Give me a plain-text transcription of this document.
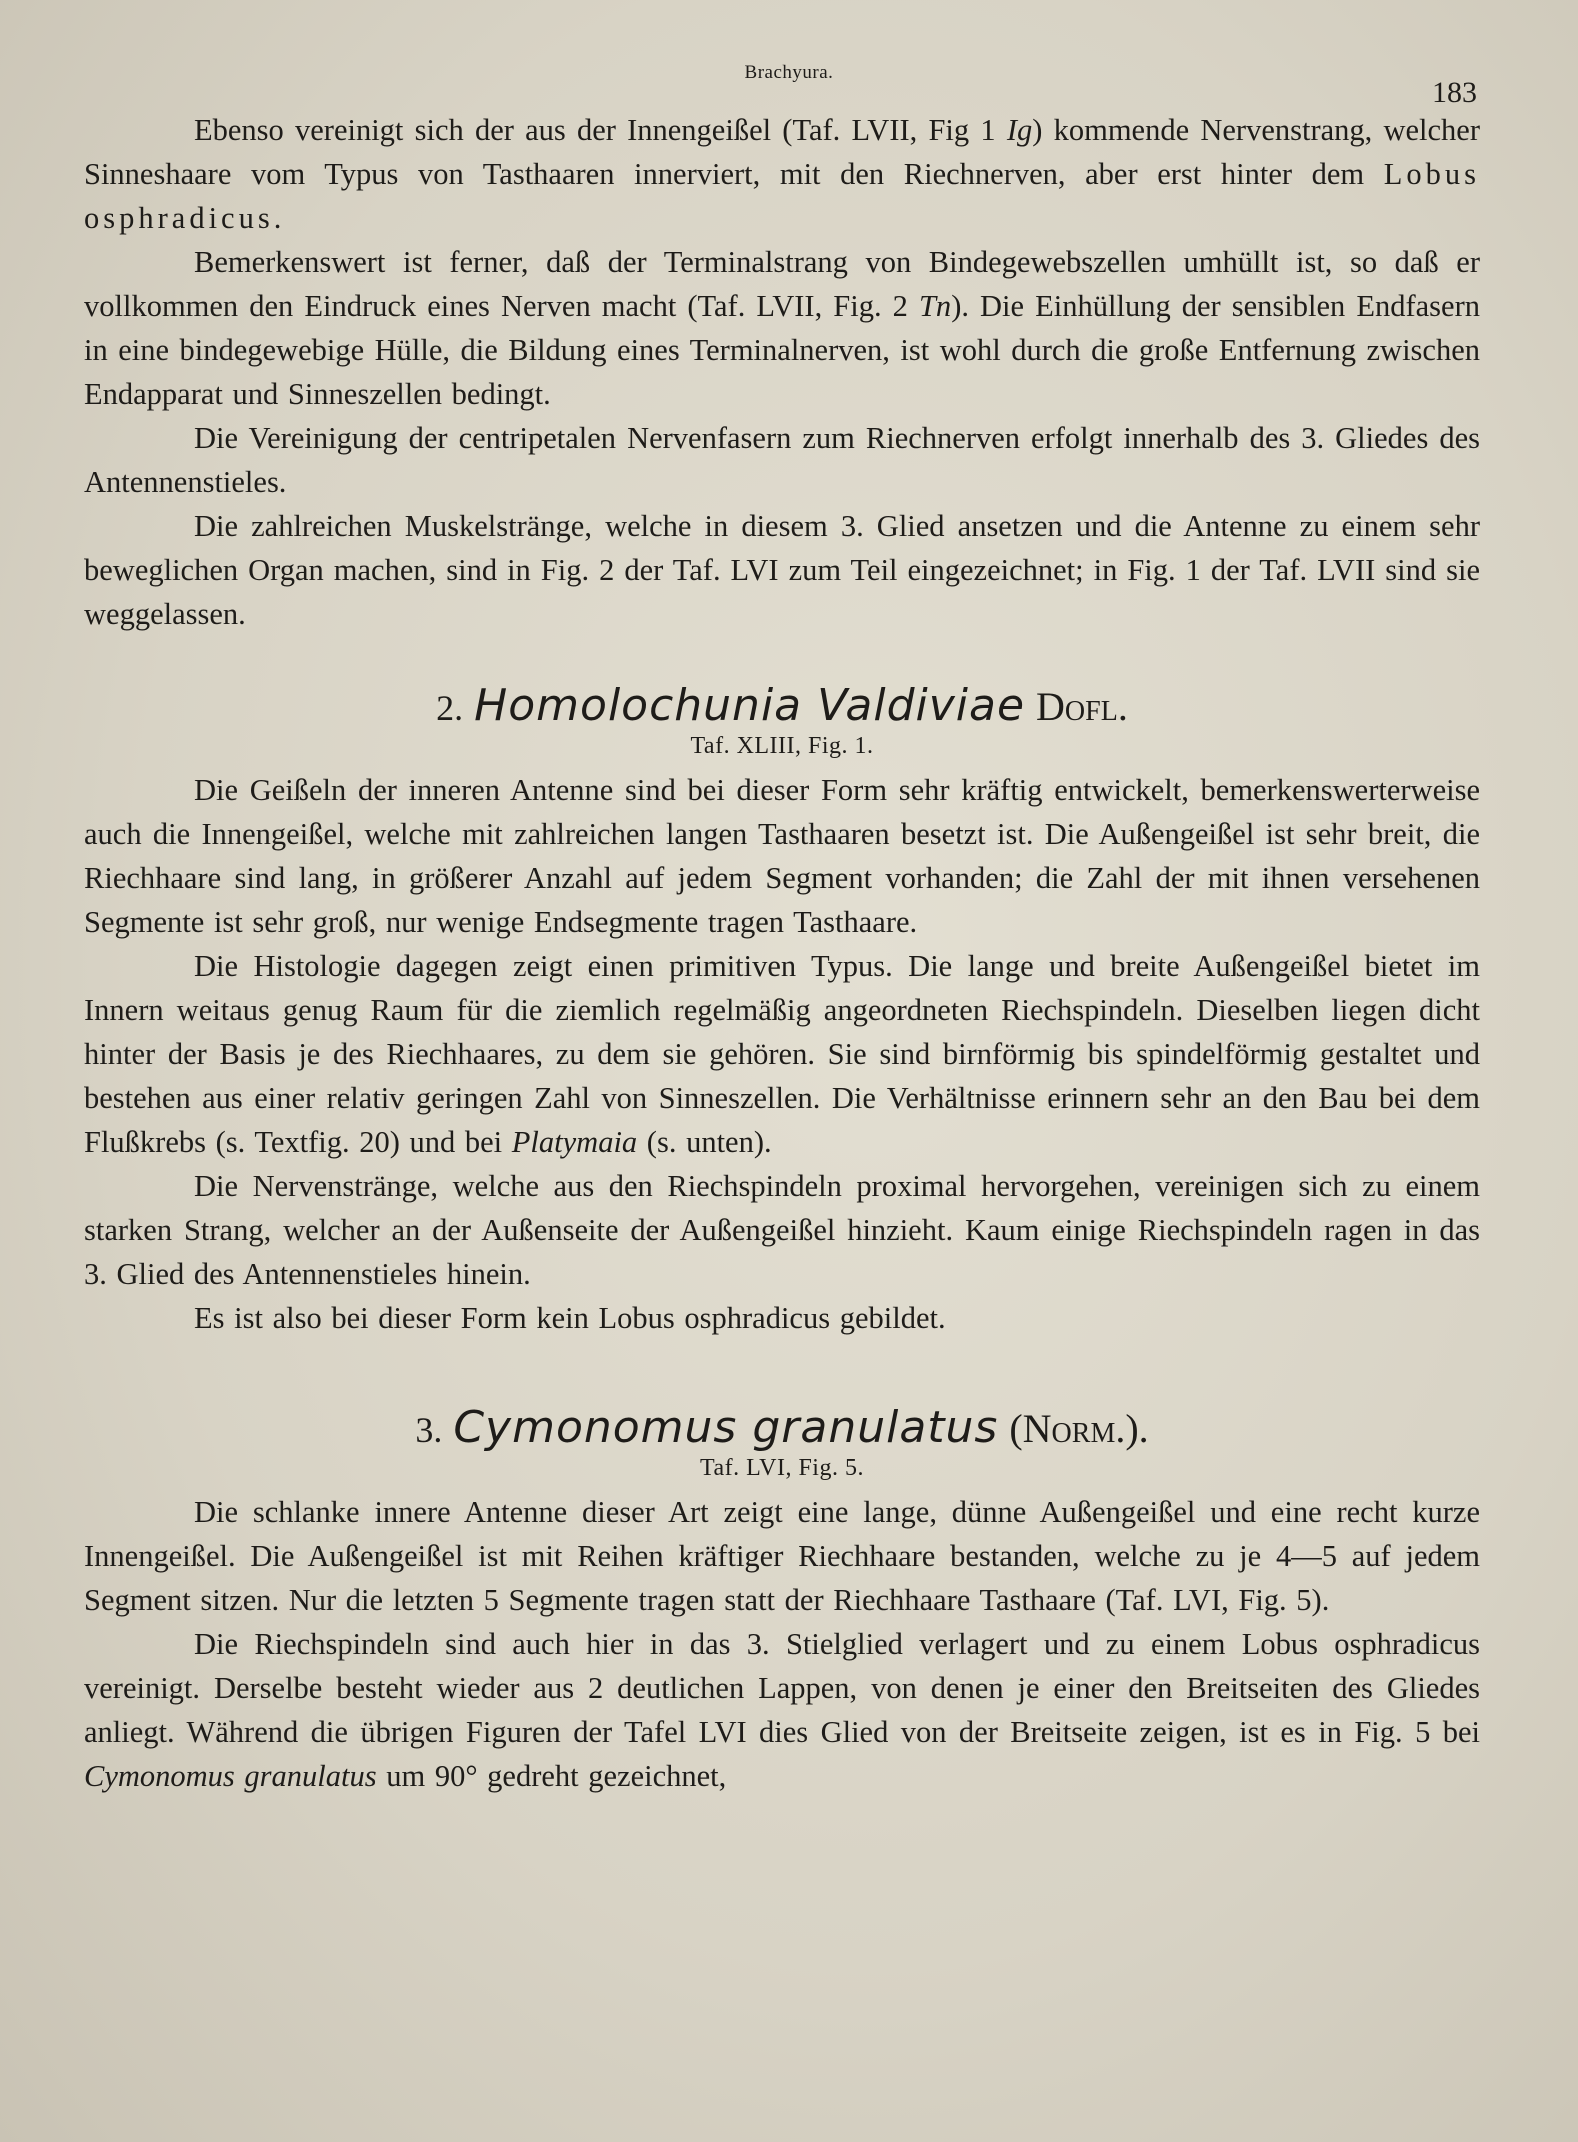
Brachyura.
183

Ebenso vereinigt sich der aus der Innengeißel (Taf. LVII, Fig 1 Ig) kommende Nervenstrang, welcher Sinneshaare vom Typus von Tasthaaren innerviert, mit den Riechnerven, aber erst hinter dem Lobus osphradicus.

Bemerkenswert ist ferner, daß der Terminalstrang von Bindegewebszellen umhüllt ist, so daß er vollkommen den Eindruck eines Nerven macht (Taf. LVII, Fig. 2 Tn). Die Einhüllung der sensiblen Endfasern in eine bindegewebige Hülle, die Bildung eines Terminalnerven, ist wohl durch die große Entfernung zwischen Endapparat und Sinneszellen bedingt.

Die Vereinigung der centripetalen Nervenfasern zum Riechnerven erfolgt innerhalb des 3. Gliedes des Antennenstieles.

Die zahlreichen Muskelstränge, welche in diesem 3. Glied ansetzen und die Antenne zu einem sehr beweglichen Organ machen, sind in Fig. 2 der Taf. LVI zum Teil eingezeichnet; in Fig. 1 der Taf. LVII sind sie weggelassen.

2. Homolochunia Valdiviae Dofl.
Taf. XLIII, Fig. 1.

Die Geißeln der inneren Antenne sind bei dieser Form sehr kräftig entwickelt, bemerkenswerterweise auch die Innengeißel, welche mit zahlreichen langen Tasthaaren besetzt ist. Die Außengeißel ist sehr breit, die Riechhaare sind lang, in größerer Anzahl auf jedem Segment vorhanden; die Zahl der mit ihnen versehenen Segmente ist sehr groß, nur wenige Endsegmente tragen Tasthaare.

Die Histologie dagegen zeigt einen primitiven Typus. Die lange und breite Außengeißel bietet im Innern weitaus genug Raum für die ziemlich regelmäßig angeordneten Riechspindeln. Dieselben liegen dicht hinter der Basis je des Riechhaares, zu dem sie gehören. Sie sind birnförmig bis spindelförmig gestaltet und bestehen aus einer relativ geringen Zahl von Sinneszellen. Die Verhältnisse erinnern sehr an den Bau bei dem Flußkrebs (s. Textfig. 20) und bei Platymaia (s. unten).

Die Nervenstränge, welche aus den Riechspindeln proximal hervorgehen, vereinigen sich zu einem starken Strang, welcher an der Außenseite der Außengeißel hinzieht. Kaum einige Riechspindeln ragen in das 3. Glied des Antennenstieles hinein.

Es ist also bei dieser Form kein Lobus osphradicus gebildet.

3. Cymonomus granulatus (Norm.).
Taf. LVI, Fig. 5.

Die schlanke innere Antenne dieser Art zeigt eine lange, dünne Außengeißel und eine recht kurze Innengeißel. Die Außengeißel ist mit Reihen kräftiger Riechhaare bestanden, welche zu je 4—5 auf jedem Segment sitzen. Nur die letzten 5 Segmente tragen statt der Riechhaare Tasthaare (Taf. LVI, Fig. 5).

Die Riechspindeln sind auch hier in das 3. Stielglied verlagert und zu einem Lobus osphradicus vereinigt. Derselbe besteht wieder aus 2 deutlichen Lappen, von denen je einer den Breitseiten des Gliedes anliegt. Während die übrigen Figuren der Tafel LVI dies Glied von der Breitseite zeigen, ist es in Fig. 5 bei Cymonomus granulatus um 90° gedreht gezeichnet,
